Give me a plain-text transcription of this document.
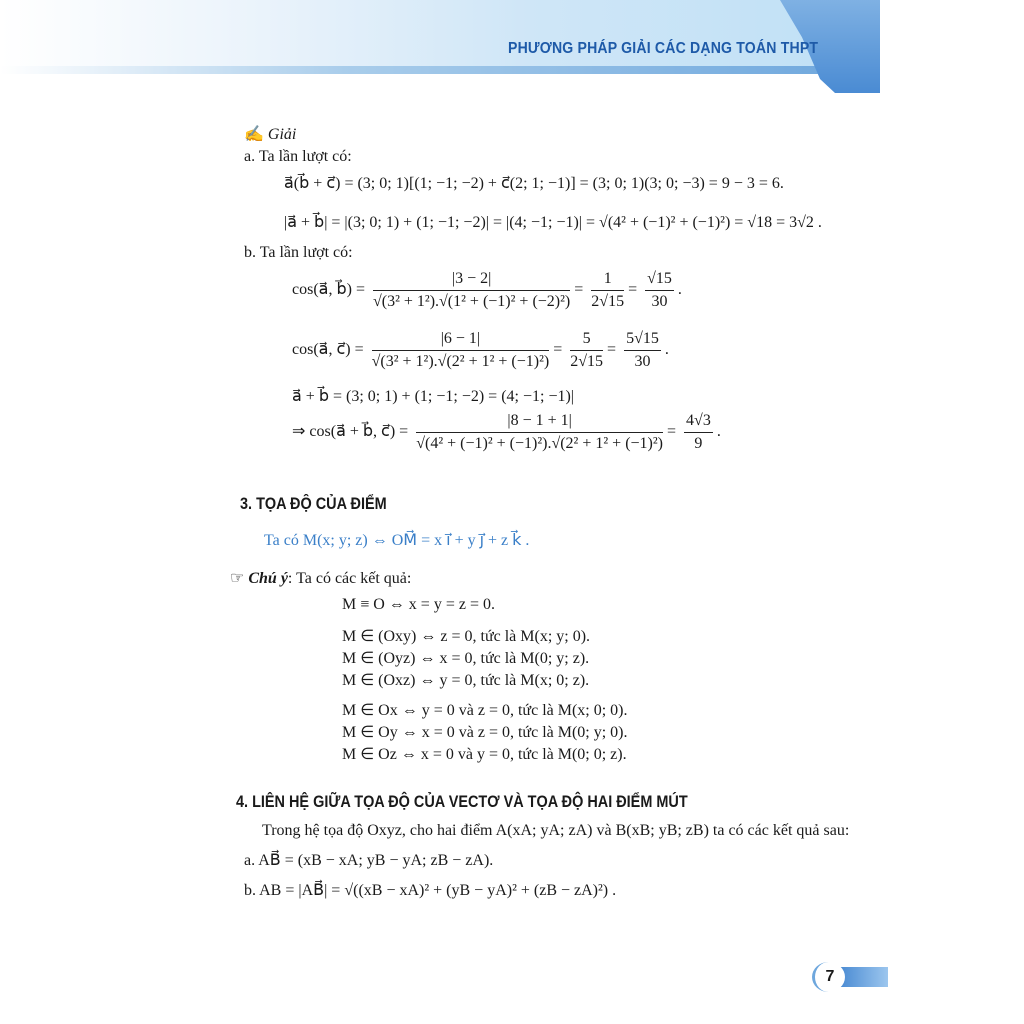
PHƯƠNG PHÁP GIẢI CÁC DẠNG TOÁN THPT
✍ Giải
a. Ta lần lượt có:
a⃗(b⃗ + c⃗) = (3; 0; 1)[(1; −1; −2) + c⃗(2; 1; −1)] = (3; 0; 1)(3; 0; −3) = 9 − 3 = 6.
|a⃗ + b⃗| = |(3; 0; 1) + (1; −1; −2)| = |(4; −1; −1)| = √(4² + (−1)² + (−1)²) = √18 = 3√2 .
b. Ta lần lượt có:
cos(a⃗, b⃗) = $\frac{|3 - 2|}{\text{√(3² + 1²).√(1² + (−1)² + (−2)²)}} = \frac{1}{2√15} = \frac{√15}{30}$ .
cos(a⃗, c⃗) = $\frac{|6 - 1|}{\text{√(3² + 1²).√(2² + 1² + (−1)²)}} = \frac{5}{2√15} = \frac{5√15}{30}$ .
a⃗ + b⃗ = (3; 0; 1) + (1; −1; −2) = (4; −1; −1)|
⇒ cos(a⃗ + b⃗, c⃗) = $\frac{|8 - 1 + 1|}{\text{√(4² + (−1)² + (−1)²).√(2² + 1² + (−1)²)}} = \frac{4√3}{9}$ .
3. TỌA ĐỘ CỦA ĐIỂM
Ta có M(x; y; z) ⇔ OM⃗ = x i⃗ + y j⃗ + z k⃗ .
☞ Chú ý: Ta có các kết quả:
M ≡ O ⇔ x = y = z = 0.
M ∈ (Oxy) ⇔ z = 0, tức là M(x; y; 0).
M ∈ (Oyz) ⇔ x = 0, tức là M(0; y; z).
M ∈ (Oxz) ⇔ y = 0, tức là M(x; 0; z).
M ∈ Ox ⇔ y = 0 và z = 0, tức là M(x; 0; 0).
M ∈ Oy ⇔ x = 0 và z = 0, tức là M(0; y; 0).
M ∈ Oz ⇔ x = 0 và y = 0, tức là M(0; 0; z).
4. LIÊN HỆ GIỮA TỌA ĐỘ CỦA VECTƠ VÀ TỌA ĐỘ HAI ĐIỂM MÚT
Trong hệ tọa độ Oxyz, cho hai điểm A(xA; yA; zA) và B(xB; yB; zB) ta có các kết quả sau:
a. AB⃗ = (xB − xA; yB − yA; zB − zA).
b. AB = |AB⃗| = √((xB − xA)² + (yB − yA)² + (zB − zA)²) .
7
